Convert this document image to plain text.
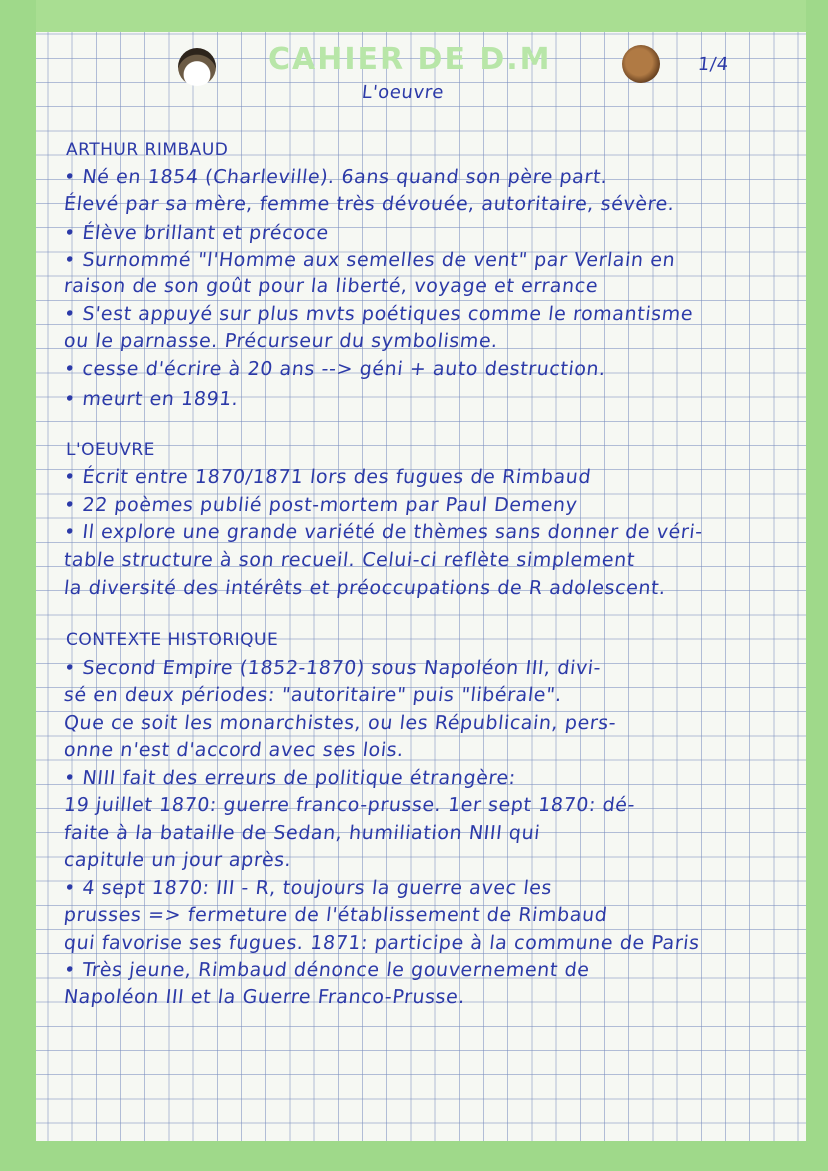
CAHIER DE D.M
L'oeuvre
1/4
ARTHUR RIMBAUD
• Né en 1854 (Charleville). 6ans quand son père part.
Élevé par sa mère, femme très dévouée, autoritaire, sévère.
• Élève brillant et précoce
• Surnommé "l'Homme aux semelles de vent" par Verlain en
raison de son goût pour la liberté, voyage et errance
• S'est appuyé sur plus mvts poétiques comme le romantisme
ou le parnasse. Précurseur du symbolisme.
• cesse d'écrire à 20 ans --> géni + auto destruction.
• meurt en 1891.
L'OEUVRE
• Écrit entre 1870/1871 lors des fugues de Rimbaud
• 22 poèmes publié post-mortem par Paul Demeny
• Il explore une grande variété de thèmes sans donner de véri-
table structure à son recueil. Celui-ci reflète simplement
la diversité des intérêts et préoccupations de R adolescent.
CONTEXTE HISTORIQUE
• Second Empire (1852-1870) sous Napoléon III, divi-
sé en deux périodes: "autoritaire" puis "libérale".
Que ce soit les monarchistes, ou les Républicain, pers-
onne n'est d'accord avec ses lois.
• NIII fait des erreurs de politique étrangère:
19 juillet 1870: guerre franco-prusse. 1er sept 1870: dé-
faite à la bataille de Sedan, humiliation NIII qui
capitule un jour après.
• 4 sept 1870: III - R, toujours la guerre avec les
prusses => fermeture de l'établissement de Rimbaud
qui favorise ses fugues. 1871: participe à la commune de Paris
• Très jeune, Rimbaud dénonce le gouvernement de
Napoléon III et la Guerre Franco-Prusse.
